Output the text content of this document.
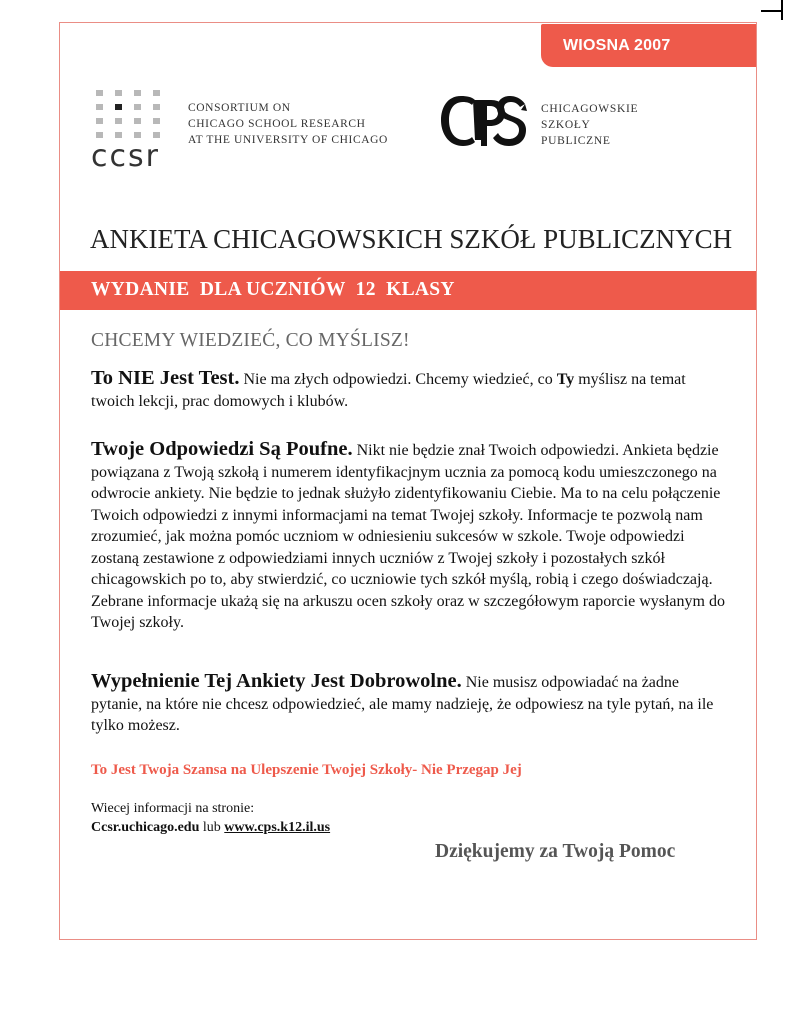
WIOSNA 2007
ccsr
CONSORTIUM ON
CHICAGO SCHOOL RESEARCH
AT THE UNIVERSITY OF CHICAGO
CHICAGOWSKIE
SZKOŁY
PUBLICZNE
ANKIETA CHICAGOWSKICH SZKÓŁ PUBLICZNYCH
WYDANIE  DLA UCZNIÓW  12  KLASY
CHCEMY WIEDZIEĆ, CO MYŚLISZ!
To NIE Jest Test. Nie ma złych odpowiedzi. Chcemy wiedzieć, co Ty myślisz na temat twoich lekcji, prac domowych i klubów.
Twoje Odpowiedzi Są Poufne. Nikt nie będzie znał Twoich odpowiedzi. Ankieta będzie powiązana z Twoją szkołą i numerem identyfikacjnym ucznia za pomocą kodu umieszczonego na odwrocie ankiety. Nie będzie to jednak służyło zidentyfikowaniu Ciebie. Ma to na celu połączenie Twoich odpowiedzi z innymi informacjami na temat Twojej szkoły. Informacje te pozwolą nam zrozumieć, jak można pomóc uczniom w odniesieniu sukcesów w szkole. Twoje odpowiedzi zostaną zestawione z odpowiedziami innych uczniów z Twojej szkoły i pozostałych szkół chicagowskich po to, aby stwierdzić, co uczniowie tych szkół myślą, robią i czego doświadczają. Zebrane informacje ukażą się na arkuszu ocen szkoły oraz w szczegółowym raporcie wysłanym do Twojej szkoły.
Wypełnienie Tej Ankiety Jest Dobrowolne. Nie musisz odpowiadać na żadne pytanie, na które nie chcesz odpowiedzieć, ale mamy nadzieję, że odpowiesz na tyle pytań, na ile tylko możesz.
To Jest Twoja Szansa na Ulepszenie Twojej Szkoły- Nie Przegap Jej
Wiecej informacji na stronie:
Ccsr.uchicago.edu lub www.cps.k12.il.us
Dziękujemy za Twoją Pomoc
